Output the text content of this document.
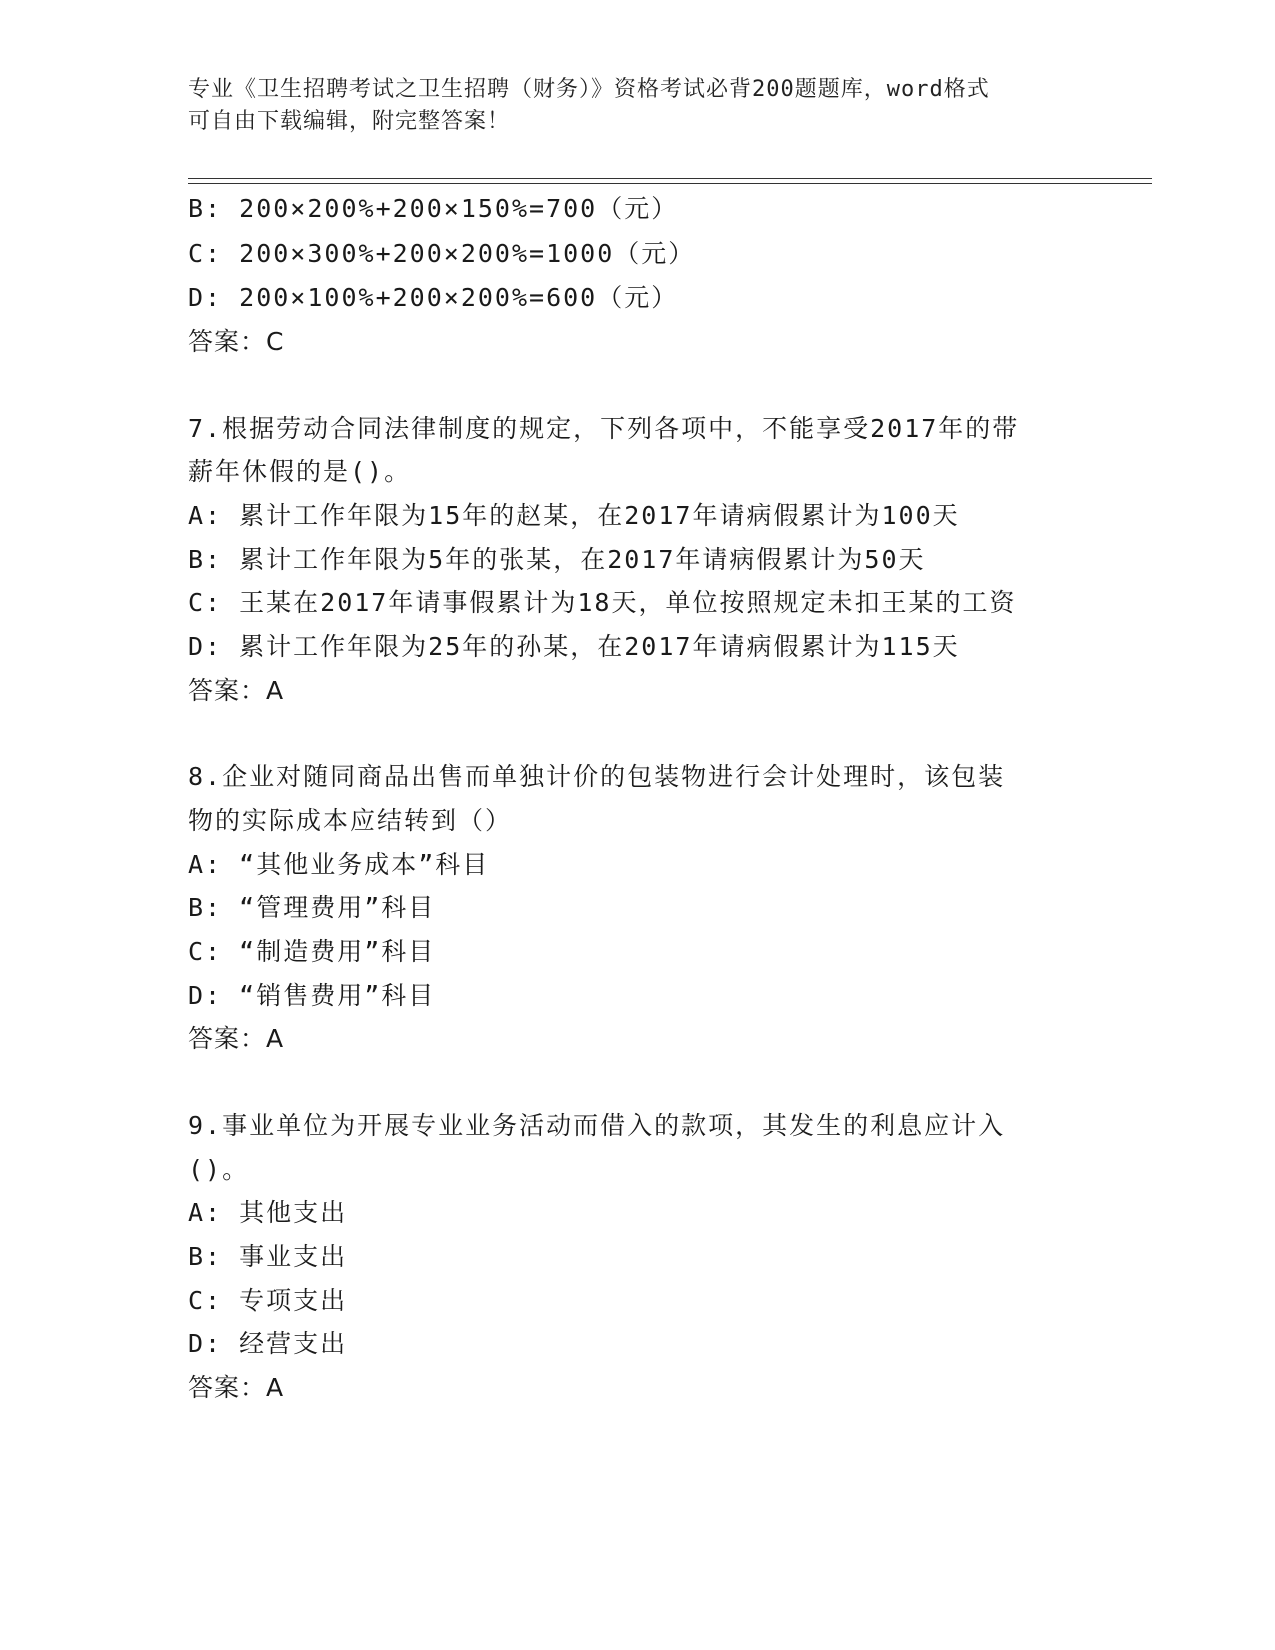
专业《卫生招聘考试之卫生招聘（财务）》资格考试必背200题题库，word格式
可自由下载编辑，附完整答案！
B: 200×200%+200×150%=700（元）
C: 200×300%+200×200%=1000（元）
D: 200×100%+200×200%=600（元）
答案：C
7.根据劳动合同法律制度的规定，下列各项中，不能享受2017年的带
薪年休假的是()。
A: 累计工作年限为15年的赵某，在2017年请病假累计为100天
B: 累计工作年限为5年的张某，在2017年请病假累计为50天
C: 王某在2017年请事假累计为18天，单位按照规定未扣王某的工资
D: 累计工作年限为25年的孙某，在2017年请病假累计为115天
答案：A
8.企业对随同商品出售而单独计价的包装物进行会计处理时，该包装
物的实际成本应结转到（）
A: “其他业务成本”科目
B: “管理费用”科目
C: “制造费用”科目
D: “销售费用”科目
答案：A
9.事业单位为开展专业业务活动而借入的款项，其发生的利息应计入
()。
A: 其他支出
B: 事业支出
C: 专项支出
D: 经营支出
答案：A
